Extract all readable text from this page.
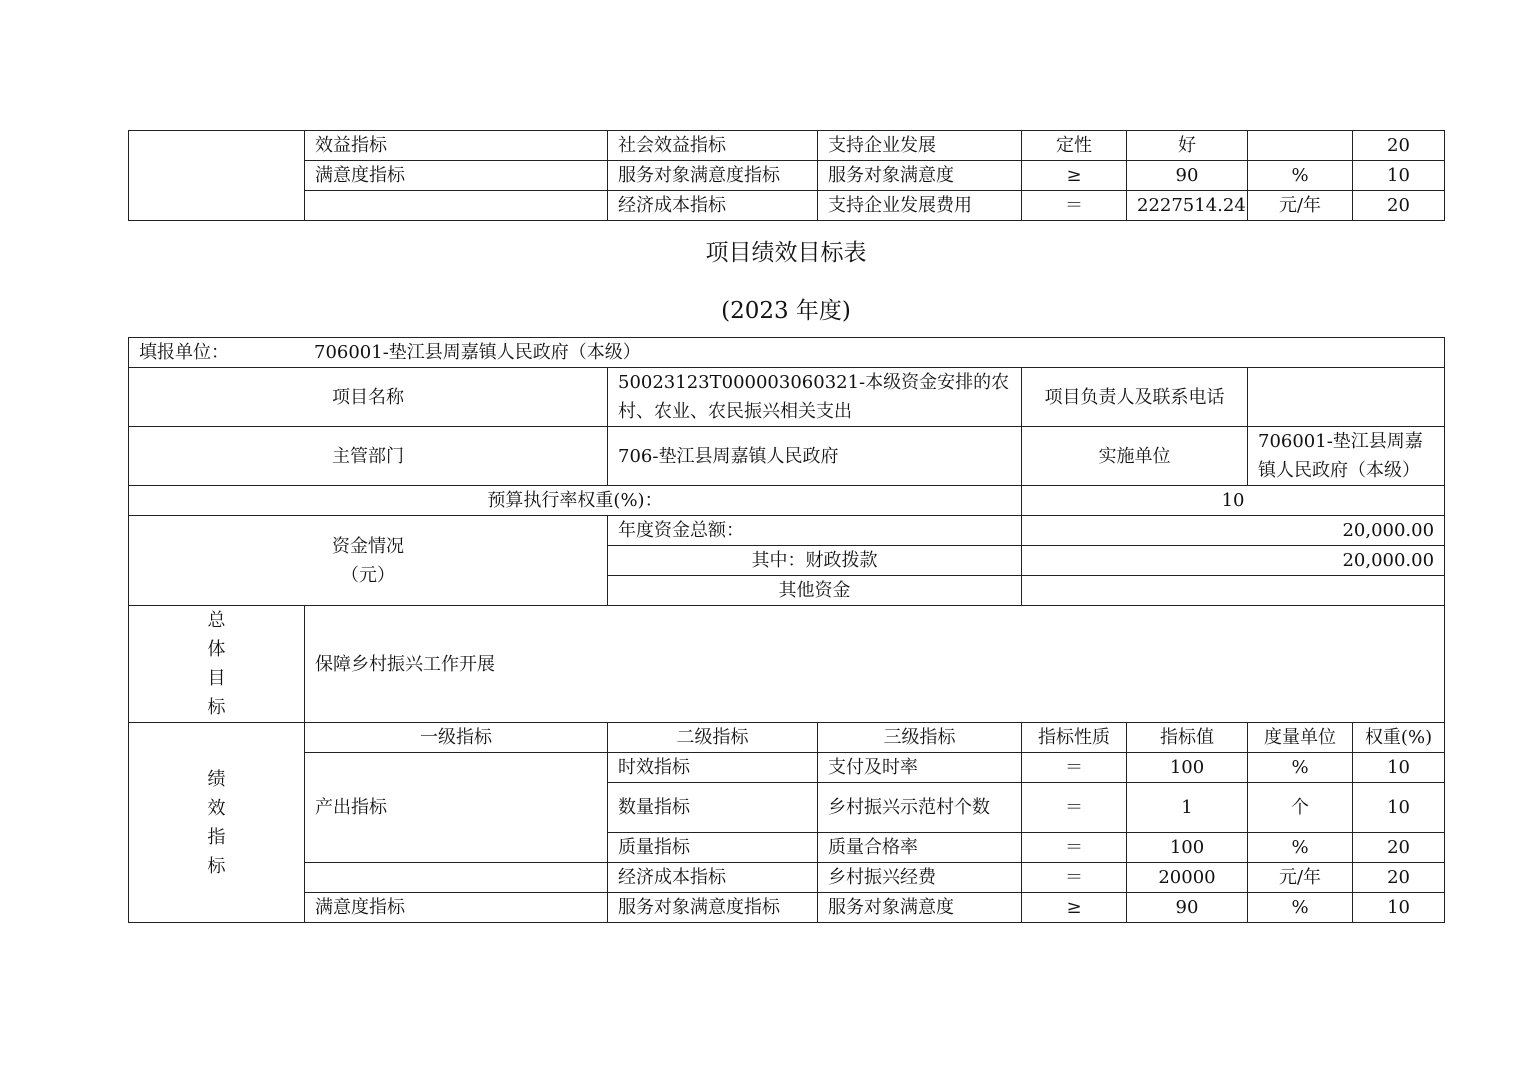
	效益指标	社会效益指标	支持企业发展	定性	好		20
	满意度指标	服务对象满意度指标	服务对象满意度	≥	90	%	10
		经济成本指标	支持企业发展费用	＝	2227514.24	元/年	20
项目绩效目标表
(2023 年度)
填报单位： 706001-垫江县周嘉镇人民政府（本级）							
项目名称		50023123T000003060321-本级资金安排的农村、农业、农民振兴相关支出		项目负责人及联系电话			
主管部门		706-垫江县周嘉镇人民政府		实施单位		706001-垫江县周嘉镇人民政府（本级）	
预算执行率权重(%)：				10			

资金情况
（元）		年度资金总额：		20,000.00			
		其中：财政拨款		20,000.00			
		其他资金					

总
体
目
标	保障乡村振兴工作开展						

绩
效
指
标	一级指标	二级指标	三级指标	指标性质	指标值	度量单位	权重(%)
	产出指标	时效指标	支付及时率	＝	100	%	10
		数量指标	乡村振兴示范村个数	＝	1	个	10
		质量指标	质量合格率	＝	100	%	20
		经济成本指标	乡村振兴经费	＝	20000	元/年	20
	满意度指标	服务对象满意度指标	服务对象满意度	≥	90	%	10
